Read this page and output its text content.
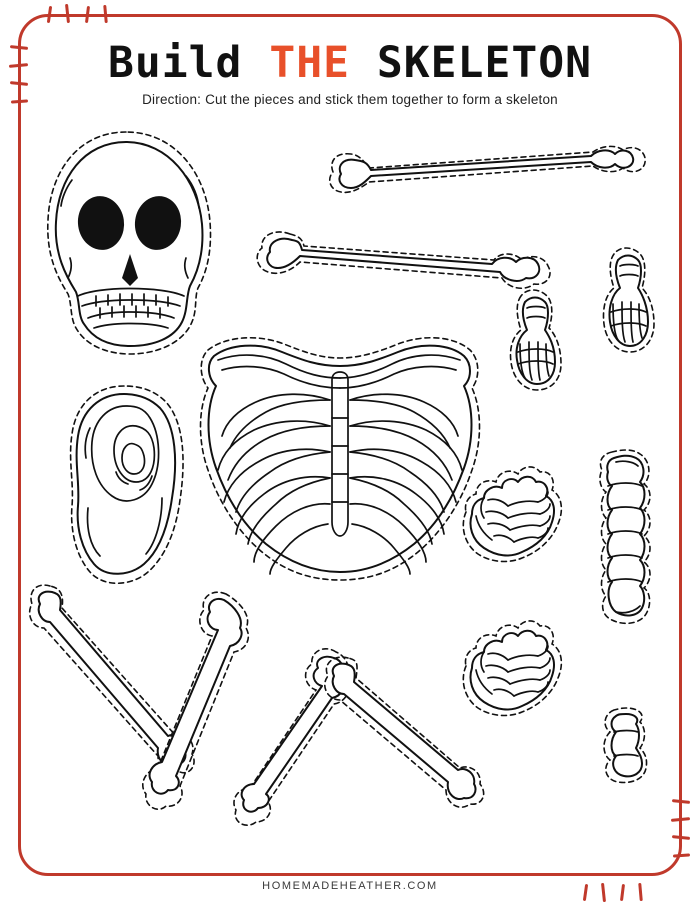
Build THE SKELETON
Direction: Cut the pieces and stick them together to form a skeleton
HOMEMADEHEATHER.COM
